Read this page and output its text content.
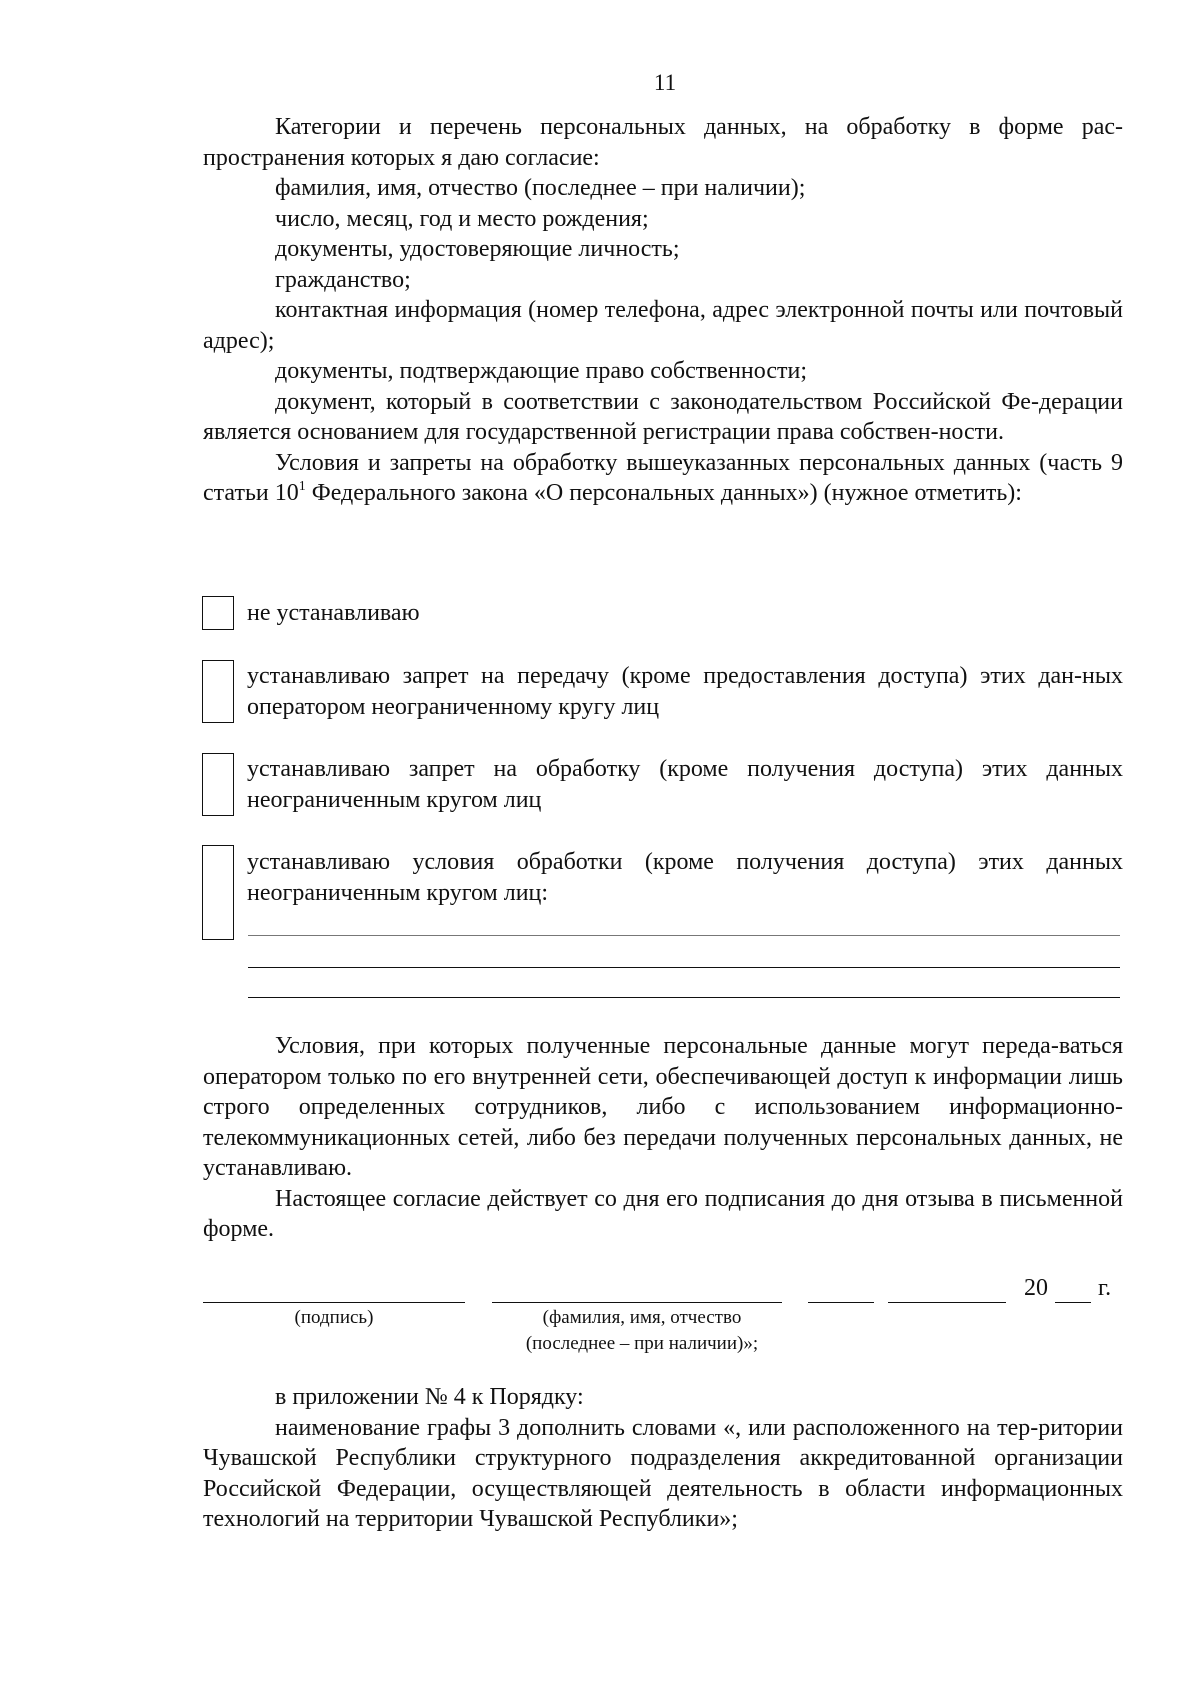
11

Категории и перечень персональных данных, на обработку в форме рас-пространения которых я даю согласие:

фамилия, имя, отчество (последнее – при наличии);

число, месяц, год и место рождения;

документы, удостоверяющие личность;

гражданство;

контактная информация (номер телефона, адрес электронной почты или почтовый адрес);

документы, подтверждающие право собственности;

документ, который в соответствии с законодательством Российской Фе-дерации является основанием для государственной регистрации права собствен-ности.

Условия и запреты на обработку вышеуказанных персональных данных (часть 9 статьи $10^1$ Федерального закона «О персональных данных») (нужное отметить):

не устанавливаю

устанавливаю запрет на передачу (кроме предоставления доступа) этих дан-ных оператором неограниченному кругу лиц

устанавливаю запрет на обработку (кроме получения доступа) этих данных неограниченным кругом лиц

устанавливаю условия обработки (кроме получения доступа) этих данных неограниченным кругом лиц:

Условия, при которых полученные персональные данные могут переда-ваться оператором только по его внутренней сети, обеспечивающей доступ к информации лишь строго определенных сотрудников, либо с использованием информационно-телекоммуникационных сетей, либо без передачи полученных персональных данных, не устанавливаю.

Настоящее согласие действует со дня его подписания до дня отзыва в письменной форме.

20 г.
(подпись)	(фамилия, имя, отчество
(последнее – при наличии)»;

в приложении № 4 к Порядку:

наименование графы 3 дополнить словами «, или расположенного на тер-ритории Чувашской Республики структурного подразделения аккредитованной организации Российской Федерации, осуществляющей деятельность в области информационных технологий на территории Чувашской Республики»;
